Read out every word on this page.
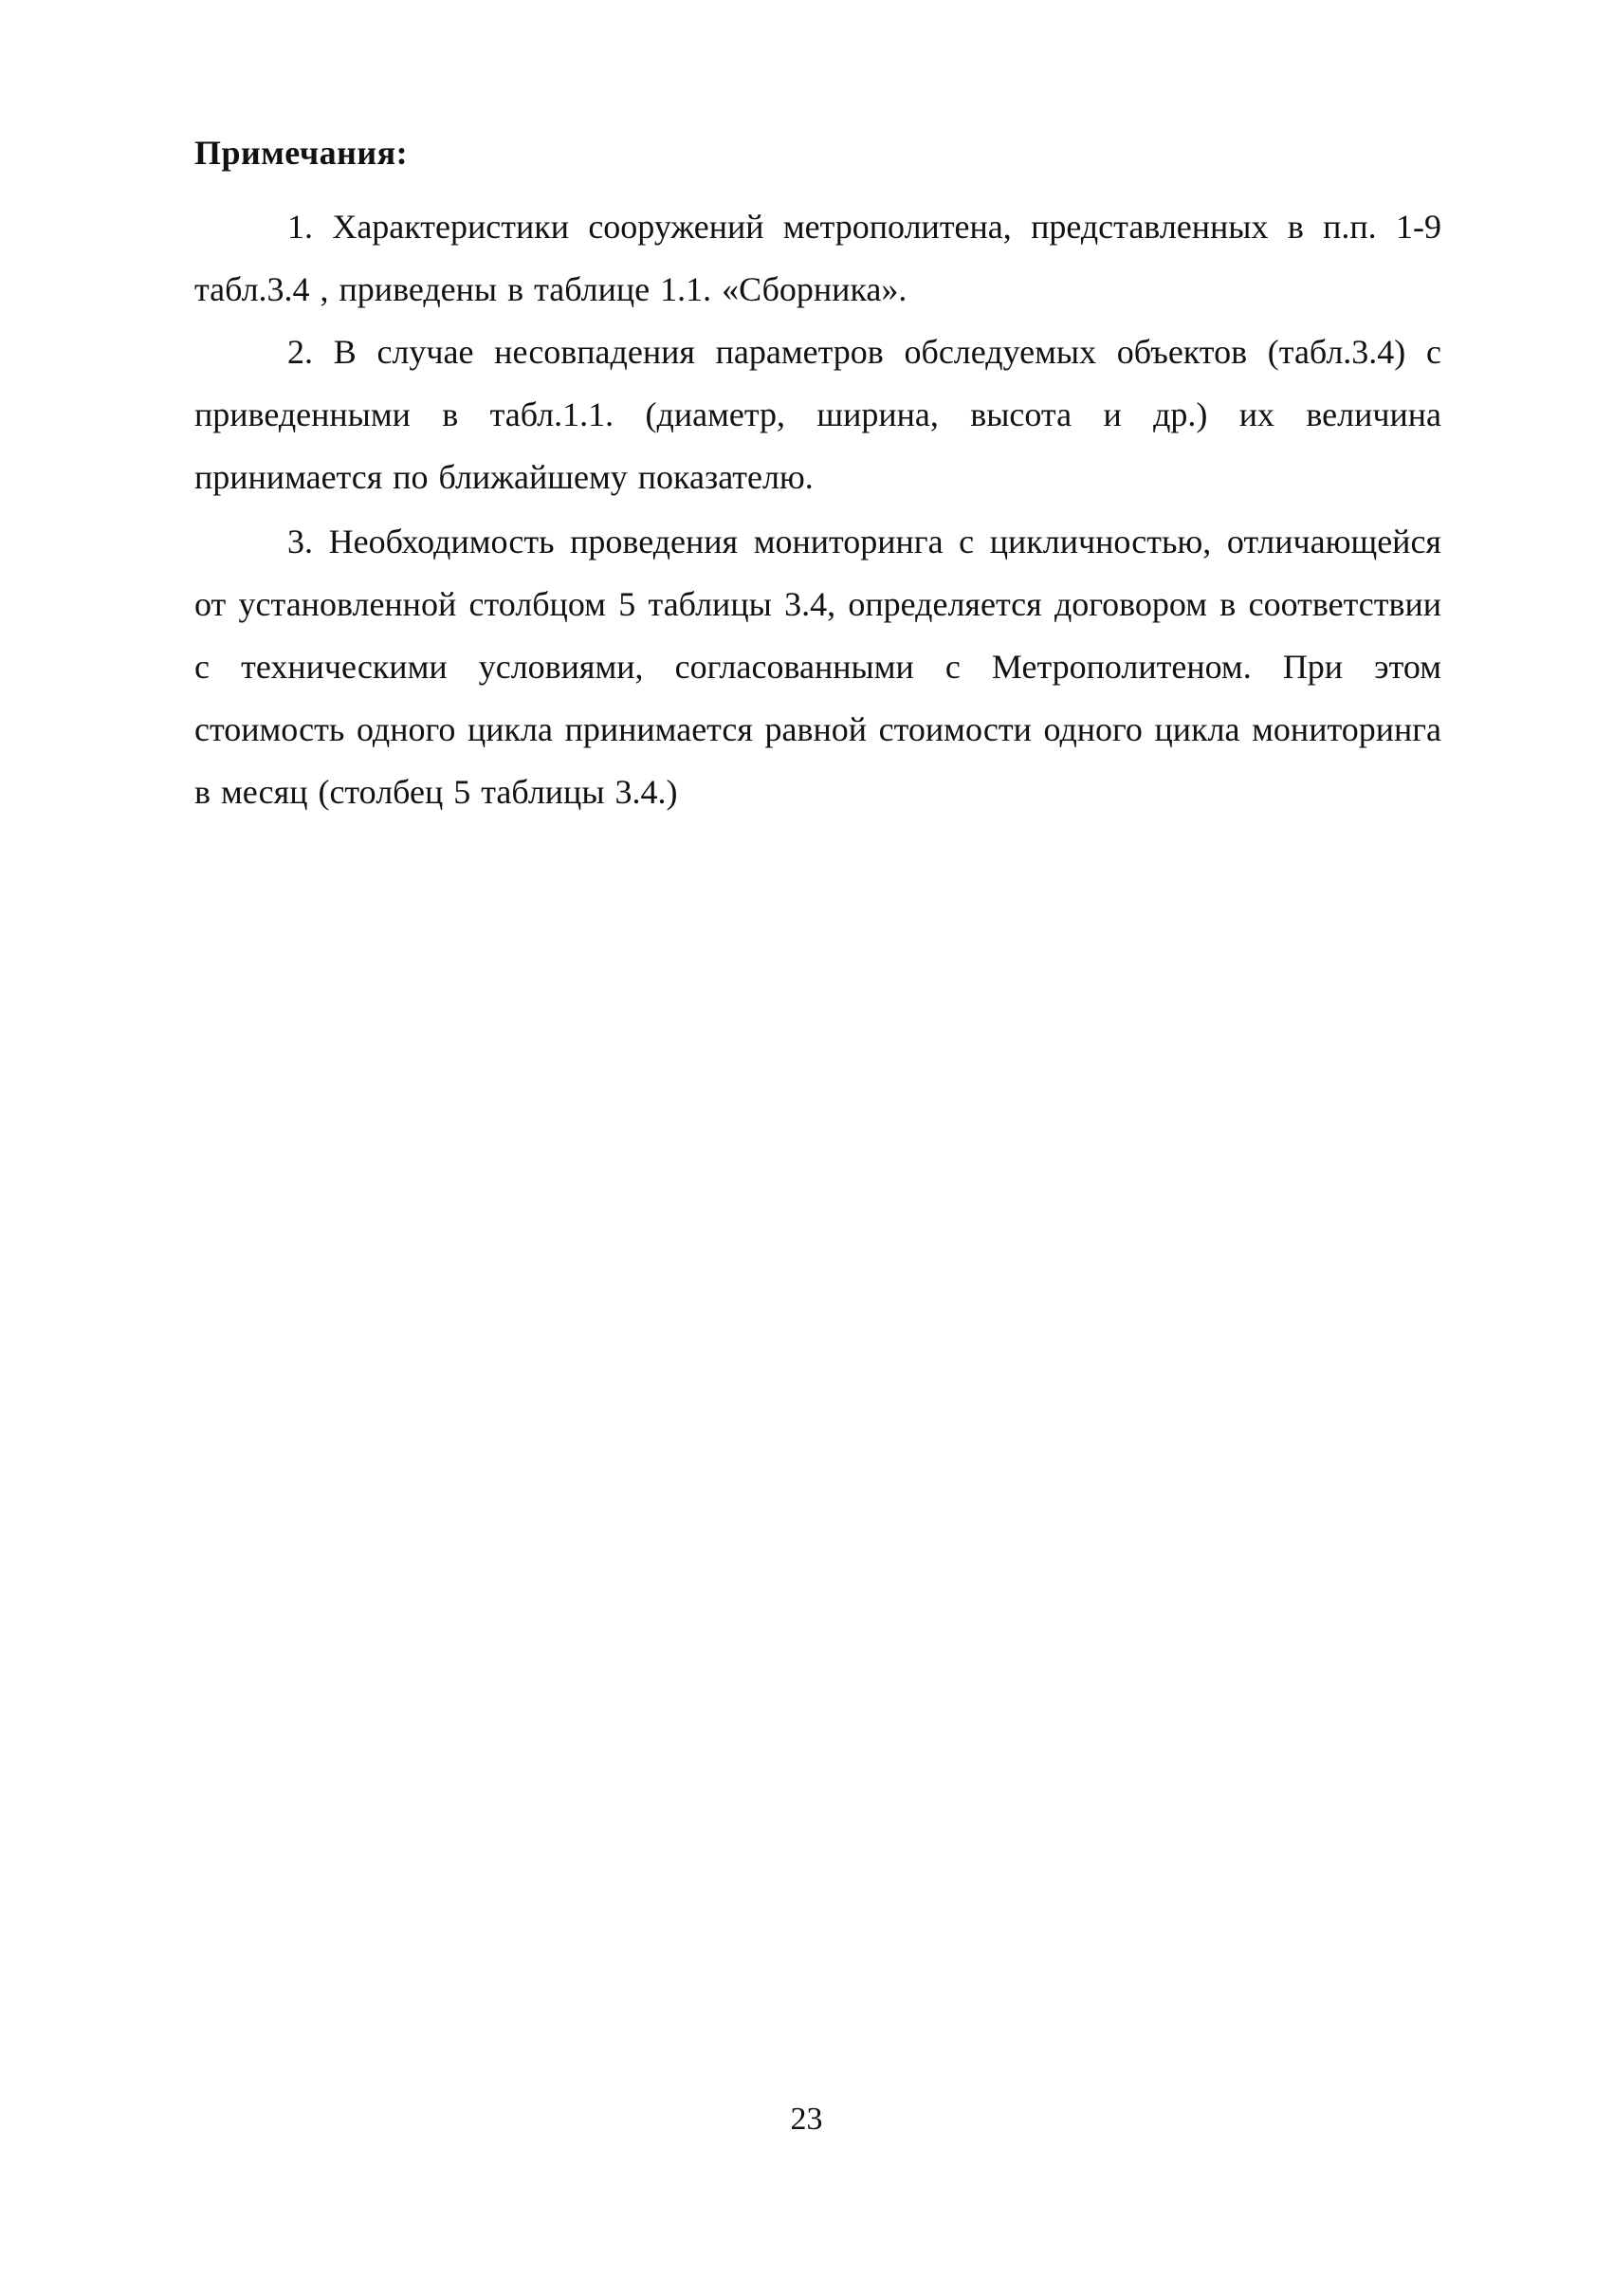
Примечания:

1. Характеристики сооружений метрополитена, представленных в п.п. 1-9 табл.3.4 , приведены в таблице 1.1. «Сборника».

2. В случае несовпадения параметров обследуемых объектов (табл.3.4) с приведенными в табл.1.1. (диаметр, ширина, высота и др.) их величина принимается по ближайшему показателю.

3. Необходимость проведения мониторинга с цикличностью, отличающейся от установленной столбцом 5 таблицы 3.4, определяется договором в соответствии с техническими условиями, согласованными с Метрополитеном. При этом стоимость одного цикла принимается равной стоимости одного цикла мониторинга в месяц (столбец 5 таблицы 3.4.)

23
